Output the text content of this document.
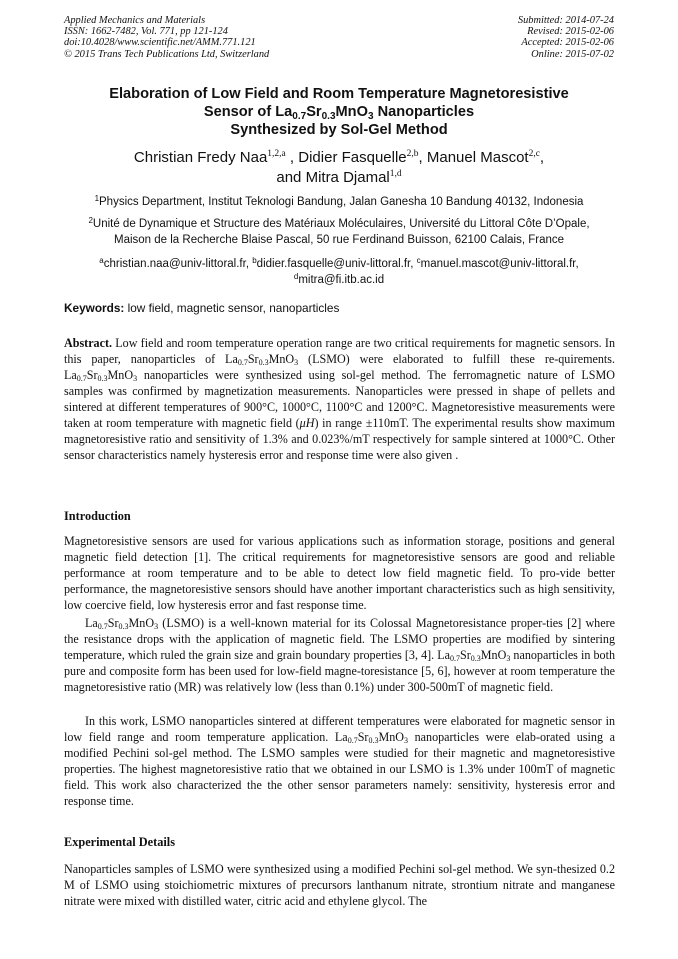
Applied Mechanics and Materials
ISSN: 1662-7482, Vol. 771, pp 121-124
doi:10.4028/www.scientific.net/AMM.771.121
© 2015 Trans Tech Publications Ltd, Switzerland
Submitted: 2014-07-24
Revised: 2015-02-06
Accepted: 2015-02-06
Online: 2015-07-02
Elaboration of Low Field and Room Temperature Magnetoresistive
Sensor of $La_{0.7}Sr_{0.3}MnO_3$ Nanoparticles
Synthesized by Sol-Gel Method
Christian Fredy Naa$^{1,2,a}$ , Didier Fasquelle$^{2,b}$, Manuel Mascot$^{2,c}$,
and Mitra Djamal$^{1,d}$
$^1$Physics Department, Institut Teknologi Bandung, Jalan Ganesha 10 Bandung 40132, Indonesia
$^2$Unité de Dynamique et Structure des Matériaux Moléculaires, Université du Littoral Côte D’Opale,
Maison de la Recherche Blaise Pascal, 50 rue Ferdinand Buisson, 62100 Calais, France
$^a$christian.naa@univ-littoral.fr, $^b$didier.fasquelle@univ-littoral.fr, $^c$manuel.mascot@univ-littoral.fr,
$^d$mitra@fi.itb.ac.id
Keywords: low field, magnetic sensor, nanoparticles
Abstract. Low field and room temperature operation range are two critical requirements for magnetic sensors. In this paper, nanoparticles of $La_{0.7}Sr_{0.3}MnO_3$ (LSMO) were elaborated to fulfill these re-quirements. $La_{0.7}Sr_{0.3}MnO_3$ nanoparticles were synthesized using sol-gel method. The ferromagnetic nature of LSMO samples was confirmed by magnetization measurements. Nanoparticles were pressed in shape of pellets and sintered at different temperatures of 900°C, 1000°C, 1100°C and 1200°C. Magnetoresistive measurements were taken at room temperature with magnetic field (μH) in range ±110mT. The experimental results show maximum magnetoresistive ratio and sensitivity of 1.3% and 0.023%/mT respectively for sample sintered at 1000°C. Other sensor characteristics namely hysteresis error and response time were also given .
Introduction
Magnetoresistive sensors are used for various applications such as information storage, positions and general magnetic field detection [1]. The critical requirements for magnetoresistive sensors are good and reliable performance at room temperature and to be able to detect low field magnetic field. To pro-vide better performance, the magnetoresistive sensors should have another important characteristics such as high sensitivity, low coercive field, low hysteresis error and fast response time.
$La_{0.7}Sr_{0.3}MnO_3$ (LSMO) is a well-known material for its Colossal Magnetoresistance proper-ties [2] where the resistance drops with the application of magnetic field. The LSMO properties are modified by sintering temperature, which ruled the grain size and grain boundary properties [3, 4]. $La_{0.7}Sr_{0.3}MnO_3$ nanoparticles in both pure and composite form has been used for low-field magne-toresistance [5, 6], however at room temperature the magnetoresistive ratio (MR) was relatively low (less than 0.1%) under 300-500mT of magnetic field.
In this work, LSMO nanoparticles sintered at different temperatures were elaborated for magnetic sensor in low field range and room temperature application. $La_{0.7}Sr_{0.3}MnO_3$ nanoparticles were elab-orated using a modified Pechini sol-gel method. The LSMO samples were studied for their magnetic and magnetoresistive properties. The highest magnetoresistive ratio that we obtained in our LSMO is 1.3% under 100mT of magnetic field. This work also characterized the the other sensor parameters namely: sensitivity, hysteresis error and response time.
Experimental Details
Nanoparticles samples of LSMO were synthesized using a modified Pechini sol-gel method. We syn-thesized 0.2 M of LSMO using stoichiometric mixtures of precursors lanthanum nitrate, strontium nitrate and manganese nitrate were mixed with distilled water, citric acid and ethylene glycol. The
